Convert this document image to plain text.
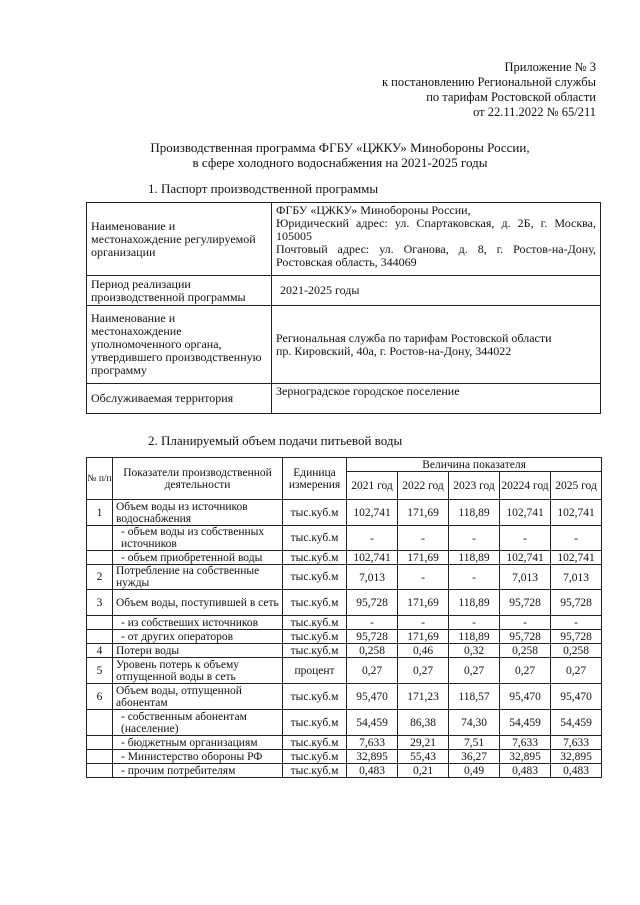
Приложение № 3
к постановлению Региональной службы
по тарифам Ростовской области
от 22.11.2022 № 65/211
Производственная программа ФГБУ «ЦЖКУ» Минобороны России,
в сфере холодного водоснабжения на 2021-2025 годы
1. Паспорт производственной программы
Наименование и местонахождение регулируемой организации	ФГБУ «ЦЖКУ» Минобороны России,
Юридический адрес: ул. Спартаковская, д. 2Б, г. Москва, 105005
Почтовый адрес: ул. Оганова, д. 8, г. Ростов-на-Дону, Ростовская область, 344069

Период реализации производственной программы	2021-2025 годы

Наименование и местонахождение уполномоченного органа, утвердившего производственную программу	Региональная служба по тарифам Ростовской области
пр. Кировский, 40а, г. Ростов-на-Дону, 344022

Обслуживаемая территория	Зерноградское городское поселение
2. Планируемый объем подачи питьевой воды
№ п/п	Показатели производственной деятельности	Единица измерения	Величина показателя				
			2021 год	2022 год	2023 год	20224 год	2025 год
1	Объем воды из источников водоснабжения	тыс.куб.м	102,741	171,69	118,89	102,741	102,741
	- объем воды из собственных источников	тыс.куб.м	-	-	-	-	-
	- объем приобретенной воды	тыс.куб.м	102,741	171,69	118,89	102,741	102,741
2	Потребление на собственные нужды	тыс.куб.м	7,013	-	-	7,013	7,013
3	Объем воды, поступившей в сеть	тыс.куб.м	95,728	171,69	118,89	95,728	95,728
	- из собствеших источников	тыс.куб.м	-	-	-	-	-
	- от других операторов	тыс.куб.м	95,728	171,69	118,89	95,728	95,728
4	Потери воды	тыс.куб.м	0,258	0,46	0,32	0,258	0,258
5	Уровень потерь к объему отпущенной воды в сеть	процент	0,27	0,27	0,27	0,27	0,27
6	Объем воды, отпущенной абонентам	тыс.куб.м	95,470	171,23	118,57	95,470	95,470
	- собственным абонентам (население)	тыс.куб.м	54,459	86,38	74,30	54,459	54,459
	- бюджетным организациям	тыс.куб.м	7,633	29,21	7,51	7,633	7,633
	- Министерство обороны РФ	тыс.куб.м	32,895	55,43	36,27	32,895	32,895
	- прочим потребителям	тыс.куб.м	0,483	0,21	0,49	0,483	0,483
